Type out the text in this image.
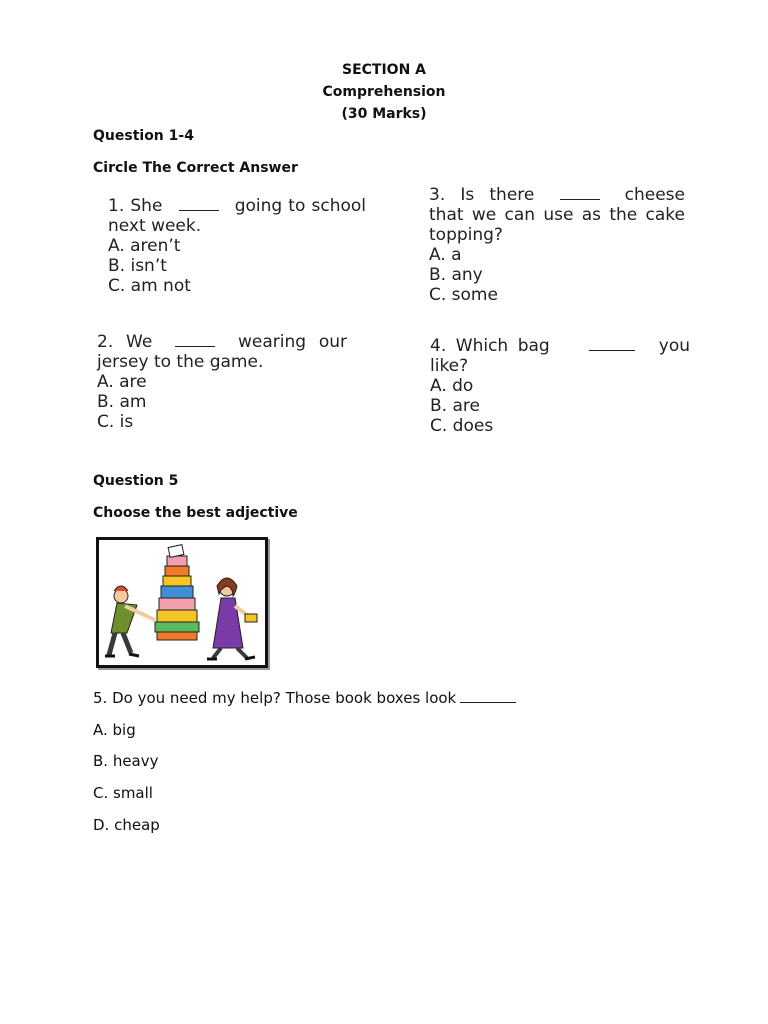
SECTION A
Comprehension
(30 Marks)
Question 1-4
Circle The Correct Answer
1. She	going to school next week.
A. aren’t
B. isn’t
C. am not
3. Is there	cheese that we can use as the cake topping?
A. a
B. any
C. some
2. We	wearing our jersey to the game.
A. are
B. am
C. is
4. Which bag	you like?
A. do
B. are
C. does
Question 5
Choose the best adjective
5. Do you need my help? Those book boxes look
A. big
B. heavy
C. small
D. cheap
